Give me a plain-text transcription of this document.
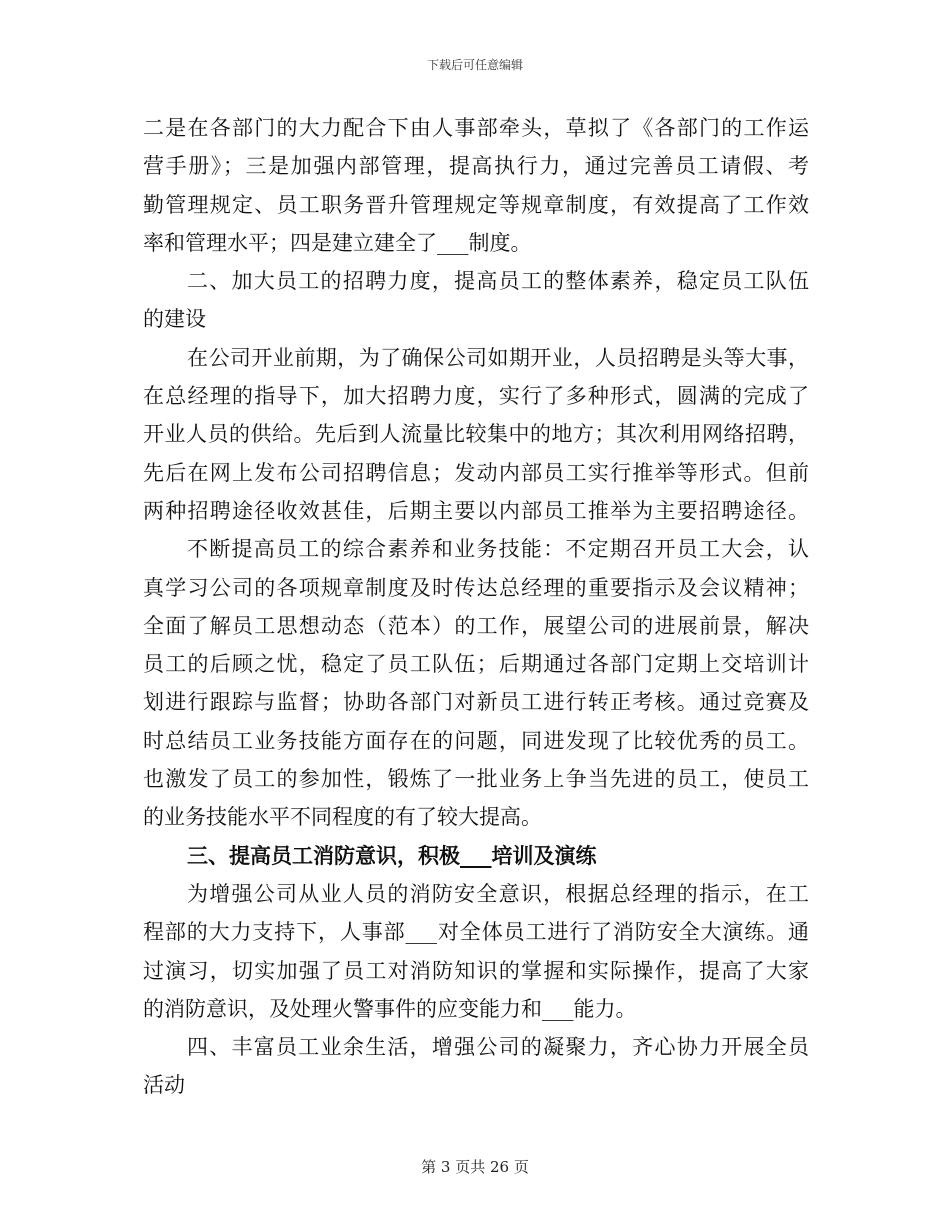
下载后可任意编辑
二是在各部门的大力配合下由人事部牵头，草拟了《各部门的工作运
营手册》；三是加强内部管理，提高执行力，通过完善员工请假、考
勤管理规定、员工职务晋升管理规定等规章制度，有效提高了工作效
率和管理水平；四是建立建全了___制度。
二、加大员工的招聘力度，提高员工的整体素养，稳定员工队伍
的建设
在公司开业前期，为了确保公司如期开业，人员招聘是头等大事，
在总经理的指导下，加大招聘力度，实行了多种形式，圆满的完成了
开业人员的供给。先后到人流量比较集中的地方；其次利用网络招聘，
先后在网上发布公司招聘信息；发动内部员工实行推举等形式。但前
两种招聘途径收效甚佳，后期主要以内部员工推举为主要招聘途径。
不断提高员工的综合素养和业务技能：不定期召开员工大会，认
真学习公司的各项规章制度及时传达总经理的重要指示及会议精神；
全面了解员工思想动态（范本）的工作，展望公司的进展前景，解决
员工的后顾之忧，稳定了员工队伍；后期通过各部门定期上交培训计
划进行跟踪与监督；协助各部门对新员工进行转正考核。通过竞赛及
时总结员工业务技能方面存在的问题，同进发现了比较优秀的员工。
也激发了员工的参加性，锻炼了一批业务上争当先进的员工，使员工
的业务技能水平不同程度的有了较大提高。
三、提高员工消防意识，积极___培训及演练
为增强公司从业人员的消防安全意识，根据总经理的指示，在工
程部的大力支持下，人事部___对全体员工进行了消防安全大演练。通
过演习，切实加强了员工对消防知识的掌握和实际操作，提高了大家
的消防意识，及处理火警事件的应变能力和___能力。
四、丰富员工业余生活，增强公司的凝聚力，齐心协力开展全员
活动
第 3 页共 26 页
